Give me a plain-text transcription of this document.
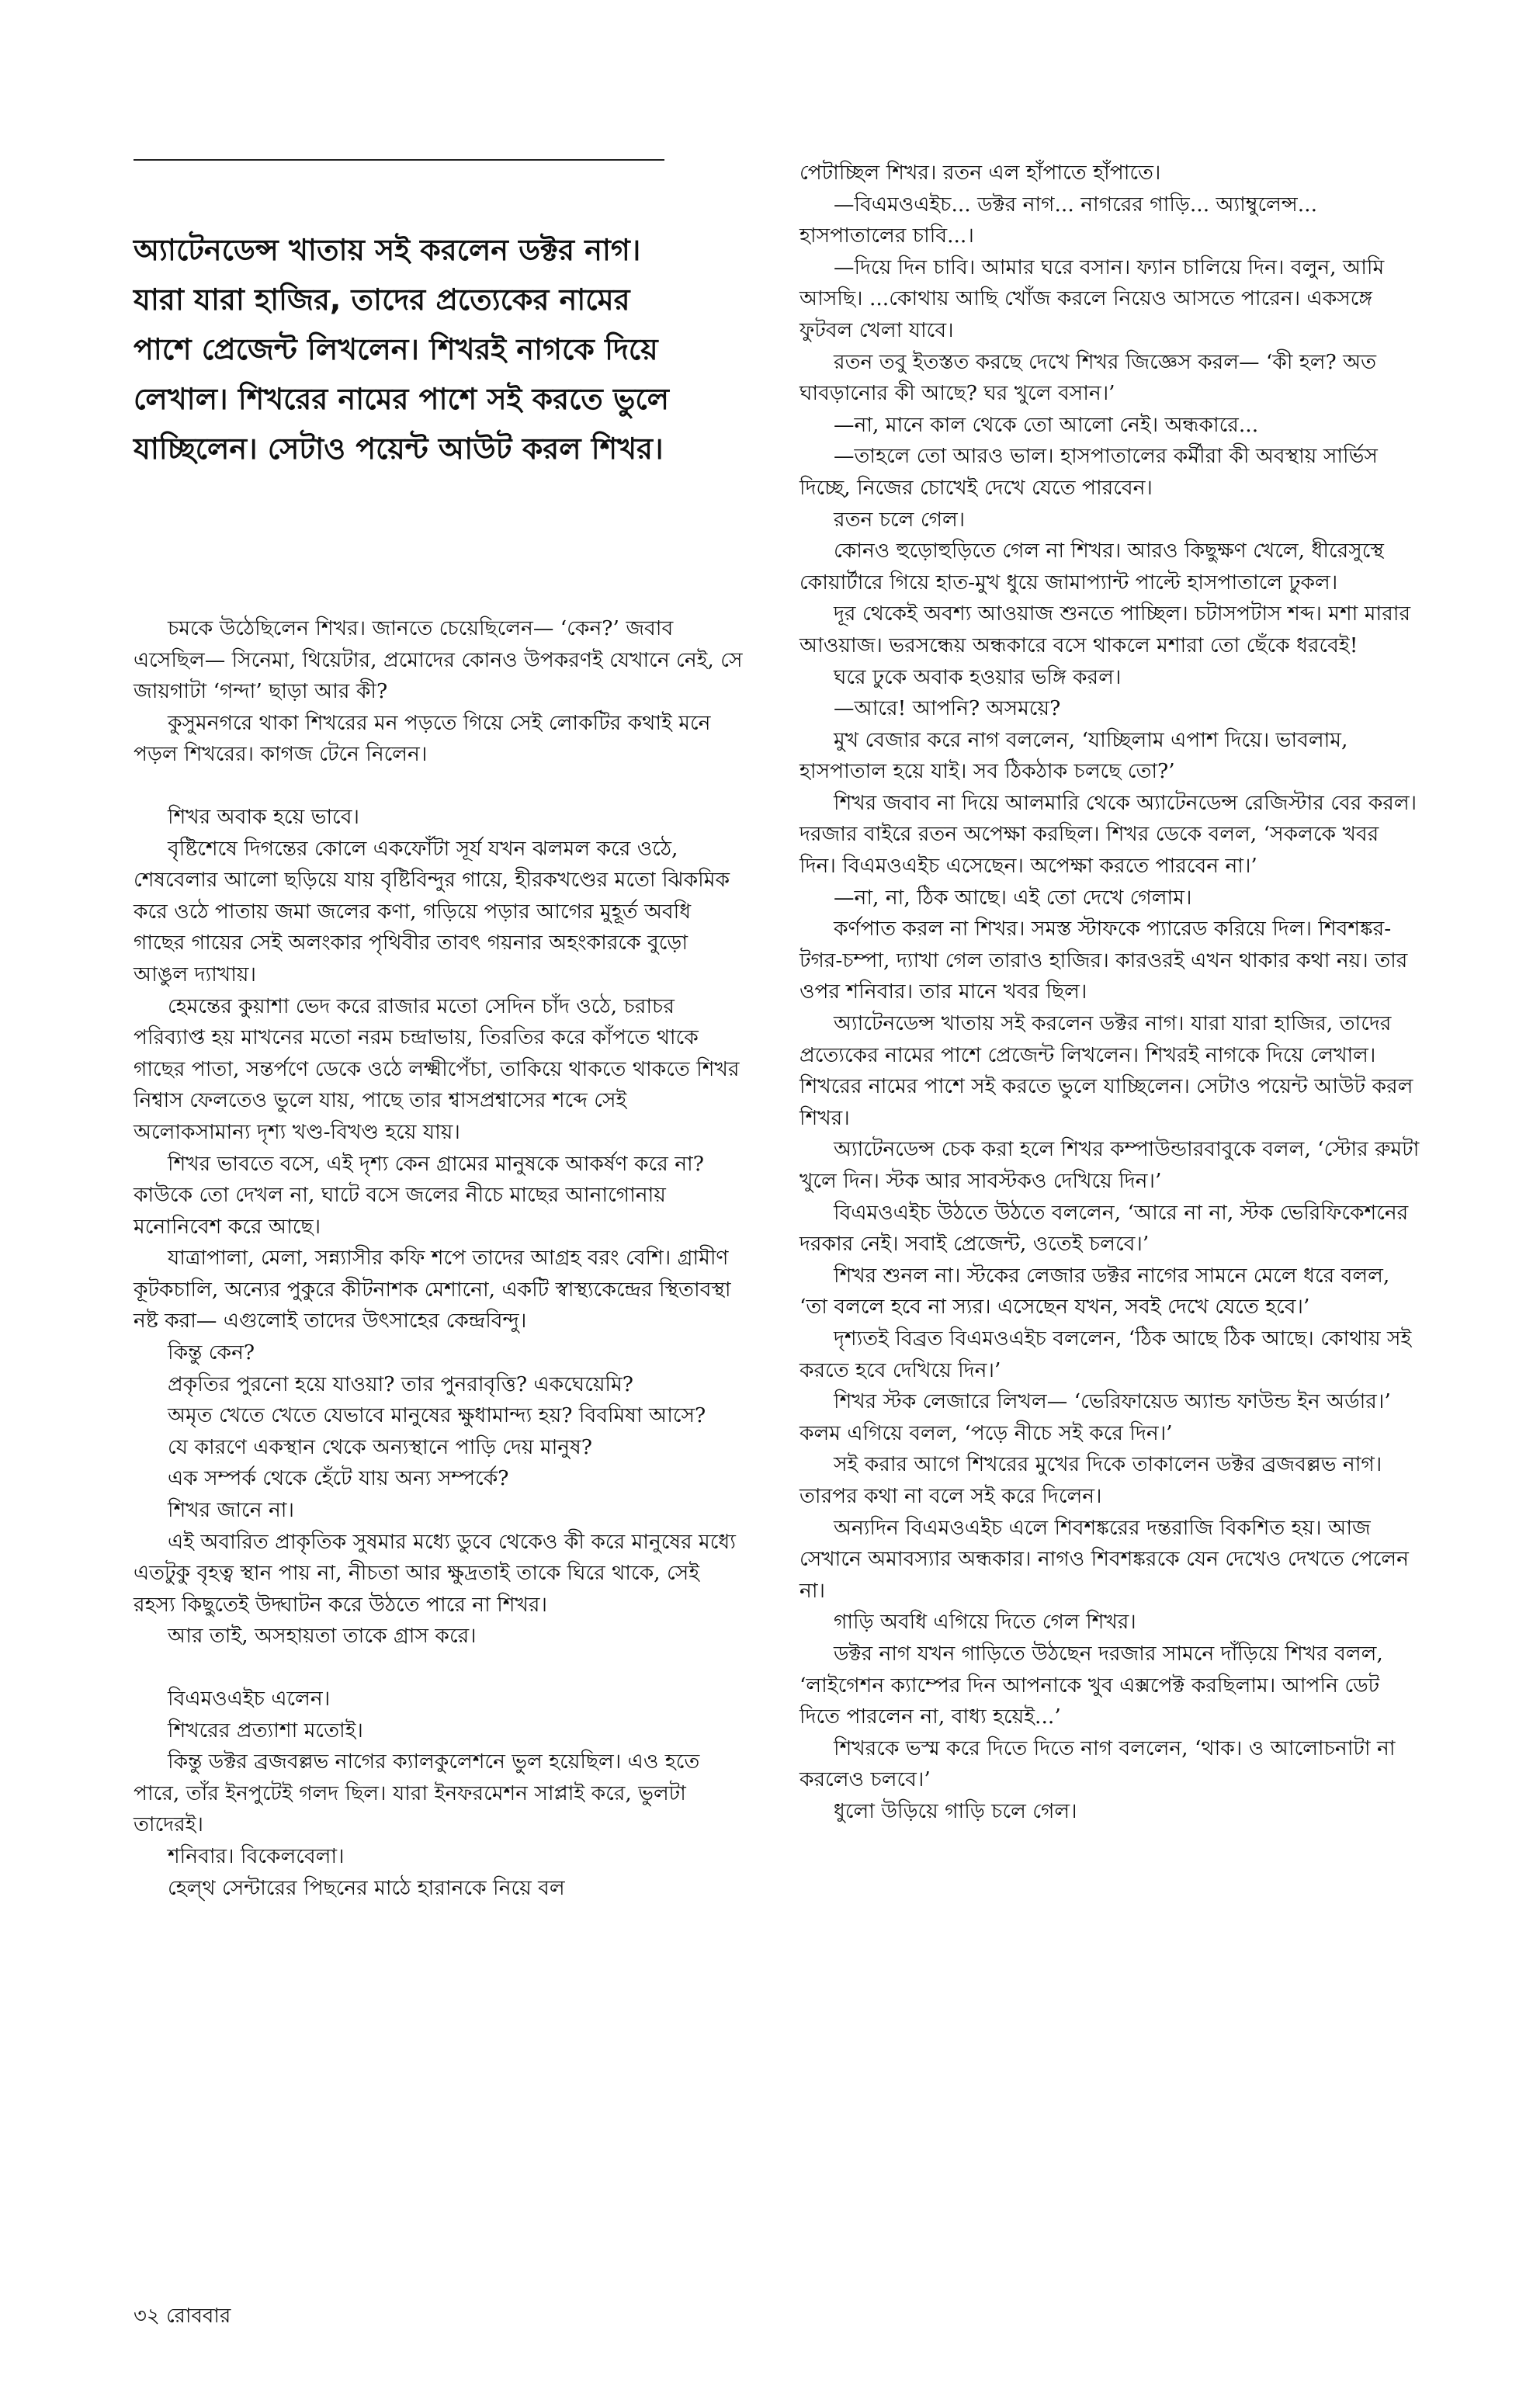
অ্যাটেনডেন্স খাতায় সই করলেন ডক্টর নাগ। যারা যারা হাজির, তাদের প্রত্যেকের নামের পাশে প্রেজেন্ট লিখলেন। শিখরই নাগকে দিয়ে লেখাল। শিখরের নামের পাশে সই করতে ভুলে যাচ্ছিলেন। সেটাও পয়েন্ট আউট করল শিখর।

চমকে উঠেছিলেন শিখর। জানতে চেয়েছিলেন— ‘কেন?’ জবাব এসেছিল— সিনেমা, থিয়েটার, প্রমোদের কোনও উপকরণই যেখানে নেই, সে জায়গাটা ‘গন্দা’ ছাড়া আর কী?

কুসুমনগরে থাকা শিখরের মন পড়তে গিয়ে সেই লোকটির কথাই মনে পড়ল শিখরের। কাগজ টেনে নিলেন।

শিখর অবাক হয়ে ভাবে।

বৃষ্টিশেষে দিগন্তের কোলে একফোঁটা সূর্য যখন ঝলমল করে ওঠে, শেষবেলার আলো ছড়িয়ে যায় বৃষ্টিবিন্দুর গায়ে, হীরকখণ্ডের মতো ঝিকমিক করে ওঠে পাতায় জমা জলের কণা, গড়িয়ে পড়ার আগের মুহূর্ত অবধি গাছের গায়ের সেই অলংকার পৃথিবীর তাবৎ গয়নার অহংকারকে বুড়ো আঙুল দ্যাখায়।

হেমন্তের কুয়াশা ভেদ করে রাজার মতো সেদিন চাঁদ ওঠে, চরাচর পরিব্যাপ্ত হয় মাখনের মতো নরম চন্দ্রাভায়, তিরতির করে কাঁপতে থাকে গাছের পাতা, সন্তর্পণে ডেকে ওঠে লক্ষ্মীপেঁচা, তাকিয়ে থাকতে থাকতে শিখর নিশ্বাস ফেলতেও ভুলে যায়, পাছে তার শ্বাসপ্রশ্বাসের শব্দে সেই অলোকসামান্য দৃশ্য খণ্ড-বিখণ্ড হয়ে যায়।

শিখর ভাবতে বসে, এই দৃশ্য কেন গ্রামের মানুষকে আকর্ষণ করে না? কাউকে তো দেখল না, ঘাটে বসে জলের নীচে মাছের আনাগোনায় মনোনিবেশ করে আছে।

যাত্রাপালা, মেলা, সন্ন্যাসীর কফি শপে তাদের আগ্রহ বরং বেশি। গ্রামীণ কূটকচালি, অন্যের পুকুরে কীটনাশক মেশানো, একটি স্বাস্থ্যকেন্দ্রের স্থিতাবস্থা নষ্ট করা— এগুলোই তাদের উৎসাহের কেন্দ্রবিন্দু।

কিন্তু কেন?

প্রকৃতির পুরনো হয়ে যাওয়া? তার পুনরাবৃত্তি? একঘেয়েমি?

অমৃত খেতে খেতে যেভাবে মানুষের ক্ষুধামান্দ্য হয়? বিবমিষা আসে?

যে কারণে একস্থান থেকে অন্যস্থানে পাড়ি দেয় মানুষ?

এক সম্পর্ক থেকে হেঁটে যায় অন্য সম্পর্কে?

শিখর জানে না।

এই অবারিত প্রাকৃতিক সুষমার মধ্যে ডুবে থেকেও কী করে মানুষের মধ্যে এতটুকু বৃহত্ব স্থান পায় না, নীচতা আর ক্ষুদ্রতাই তাকে ঘিরে থাকে, সেই রহস্য কিছুতেই উদ্ঘাটন করে উঠতে পারে না শিখর।

আর তাই, অসহায়তা তাকে গ্রাস করে।

বিএমওএইচ এলেন।

শিখরের প্রত্যাশা মতোই।

কিন্তু ডক্টর ব্রজবল্লভ নাগের ক্যালকুলেশনে ভুল হয়েছিল। এও হতে পারে, তাঁর ইনপুটেই গলদ ছিল। যারা ইনফরমেশন সাপ্লাই করে, ভুলটা তাদেরই।

শনিবার। বিকেলবেলা।

হেল্‌থ সেন্টারের পিছনের মাঠে হারানকে নিয়ে বল

পেটাচ্ছিল শিখর। রতন এল হাঁপাতে হাঁপাতে।

—বিএমওএইচ... ডক্টর নাগ... নাগরের গাড়ি... অ্যাম্বুলেন্স... হাসপাতালের চাবি...।

—দিয়ে দিন চাবি। আমার ঘরে বসান। ফ্যান চালিয়ে দিন। বলুন, আমি আসছি। ...কোথায় আছি খোঁজ করলে নিয়েও আসতে পারেন। একসঙ্গে ফুটবল খেলা যাবে।

রতন তবু ইতস্তত করছে দেখে শিখর জিজ্ঞেস করল— ‘কী হল? অত ঘাবড়ানোর কী আছে? ঘর খুলে বসান।’

—না, মানে কাল থেকে তো আলো নেই। অন্ধকারে...

—তাহলে তো আরও ভাল। হাসপাতালের কর্মীরা কী অবস্থায় সার্ভিস দিচ্ছে, নিজের চোখেই দেখে যেতে পারবেন।

রতন চলে গেল।

কোনও হুড়োহুড়িতে গেল না শিখর। আরও কিছুক্ষণ খেলে, ধীরেসুস্থে কোয়ার্টারে গিয়ে হাত-মুখ ধুয়ে জামাপ্যান্ট পাল্টে হাসপাতালে ঢুকল।

দূর থেকেই অবশ্য আওয়াজ শুনতে পাচ্ছিল। চটাসপটাস শব্দ। মশা মারার আওয়াজ। ভরসন্ধেয় অন্ধকারে বসে থাকলে মশারা তো ছেঁকে ধরবেই!

ঘরে ঢুকে অবাক হওয়ার ভঙ্গি করল।

—আরে! আপনি? অসময়ে?

মুখ বেজার করে নাগ বললেন, ‘যাচ্ছিলাম এপাশ দিয়ে। ভাবলাম, হাসপাতাল হয়ে যাই। সব ঠিকঠাক চলছে তো?’

শিখর জবাব না দিয়ে আলমারি থেকে অ্যাটেনডেন্স রেজিস্টার বের করল। দরজার বাইরে রতন অপেক্ষা করছিল। শিখর ডেকে বলল, ‘সকলকে খবর দিন। বিএমওএইচ এসেছেন। অপেক্ষা করতে পারবেন না।’

—না, না, ঠিক আছে। এই তো দেখে গেলাম।

কর্ণপাত করল না শিখর। সমস্ত স্টাফকে প্যারেড করিয়ে দিল। শিবশঙ্কর-টগর-চম্পা, দ্যাখা গেল তারাও হাজির। কারওরই এখন থাকার কথা নয়। তার ওপর শনিবার। তার মানে খবর ছিল।

অ্যাটেনডেন্স খাতায় সই করলেন ডক্টর নাগ। যারা যারা হাজির, তাদের প্রত্যেকের নামের পাশে প্রেজেন্ট লিখলেন। শিখরই নাগকে দিয়ে লেখাল। শিখরের নামের পাশে সই করতে ভুলে যাচ্ছিলেন। সেটাও পয়েন্ট আউট করল শিখর।

অ্যাটেনডেন্স চেক করা হলে শিখর কম্পাউন্ডারবাবুকে বলল, ‘স্টোর রুমটা খুলে দিন। স্টক আর সাবস্টকও দেখিয়ে দিন।’

বিএমওএইচ উঠতে উঠতে বললেন, ‘আরে না না, স্টক ভেরিফিকেশনের দরকার নেই। সবাই প্রেজেন্ট, ওতেই চলবে।’

শিখর শুনল না। স্টকের লেজার ডক্টর নাগের সামনে মেলে ধরে বলল, ‘তা বললে হবে না স্যর। এসেছেন যখন, সবই দেখে যেতে হবে।’

দৃশ্যতই বিব্রত বিএমওএইচ বললেন, ‘ঠিক আছে ঠিক আছে। কোথায় সই করতে হবে দেখিয়ে দিন।’

শিখর স্টক লেজারে লিখল— ‘ভেরিফায়েড অ্যান্ড ফাউন্ড ইন অর্ডার।’ কলম এগিয়ে বলল, ‘পড়ে নীচে সই করে দিন।’

সই করার আগে শিখরের মুখের দিকে তাকালেন ডক্টর ব্রজবল্লভ নাগ। তারপর কথা না বলে সই করে দিলেন।

অন্যদিন বিএমওএইচ এলে শিবশঙ্করের দন্তরাজি বিকশিত হয়। আজ সেখানে অমাবস্যার অন্ধকার। নাগও শিবশঙ্করকে যেন দেখেও দেখতে পেলেন না।

গাড়ি অবধি এগিয়ে দিতে গেল শিখর।

ডক্টর নাগ যখন গাড়িতে উঠছেন দরজার সামনে দাঁড়িয়ে শিখর বলল, ‘লাইগেশন ক্যাম্পের দিন আপনাকে খুব এক্সপেক্ট করছিলাম। আপনি ডেট দিতে পারলেন না, বাধ্য হয়েই...’

শিখরকে ভস্ম করে দিতে দিতে নাগ বললেন, ‘থাক। ও আলোচনাটা না করলেও চলবে।’

ধুলো উড়িয়ে গাড়ি চলে গেল।

৩২ রোববার
